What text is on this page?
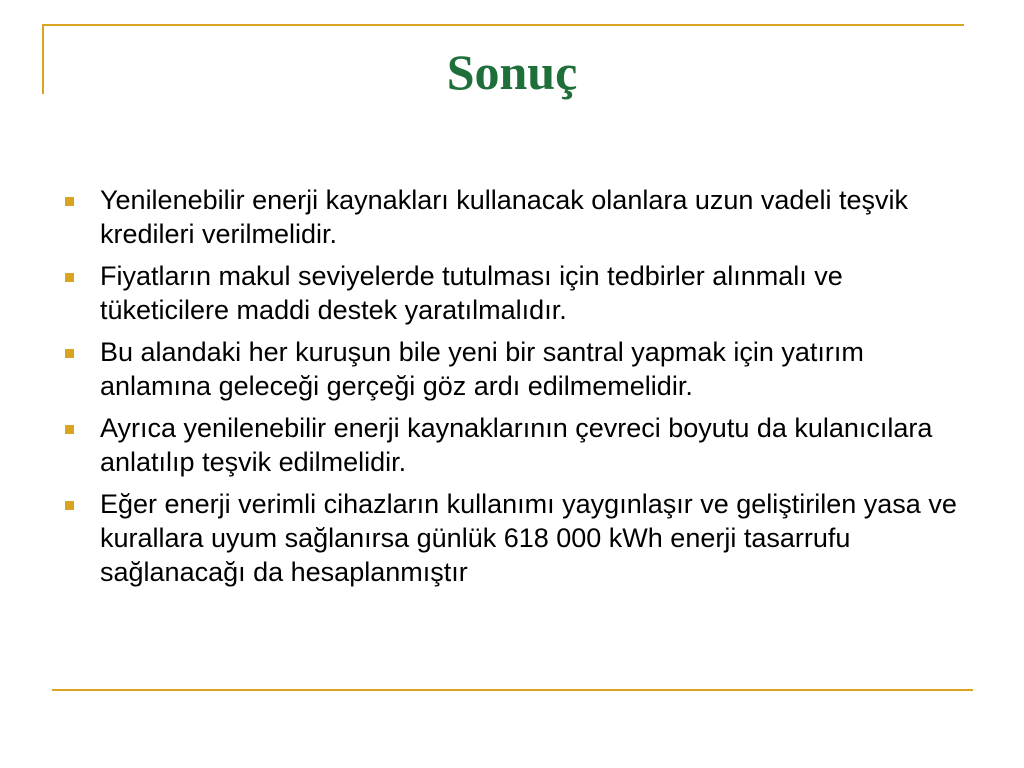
Sonuç
Yenilenebilir enerji kaynakları kullanacak olanlara uzun vadeli teşvik kredileri verilmelidir.
Fiyatların makul seviyelerde tutulması için tedbirler alınmalı ve tüketicilere maddi destek yaratılmalıdır.
Bu alandaki her kuruşun bile yeni bir santral yapmak için yatırım anlamına geleceği gerçeği göz ardı edilmemelidir.
Ayrıca yenilenebilir enerji kaynaklarının çevreci boyutu da kulanıcılara anlatılıp teşvik edilmelidir.
Eğer enerji verimli cihazların kullanımı yaygınlaşır ve geliştirilen yasa ve kurallara uyum sağlanırsa günlük 618 000 kWh enerji tasarrufu sağlanacağı da hesaplanmıştır
